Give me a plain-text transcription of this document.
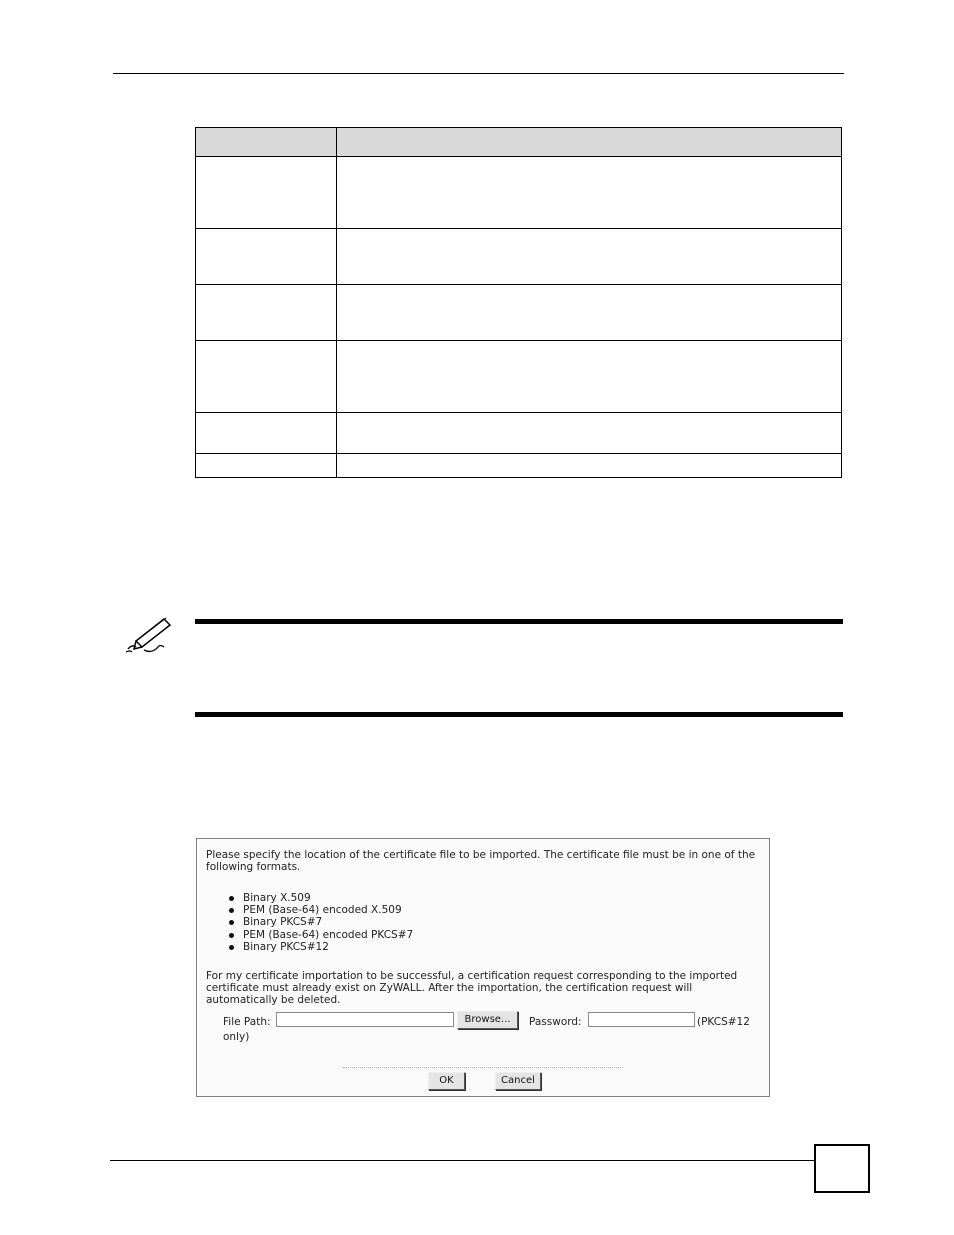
Please specify the location of the certificate file to be imported. The certificate file must be in one of the following formats.

Binary X.509
PEM (Base-64) encoded X.509
Binary PKCS#7
PEM (Base-64) encoded PKCS#7
Binary PKCS#12

For my certificate importation to be successful, a certification request corresponding to the imported certificate must already exist on ZyWALL. After the importation, the certification request will automatically be deleted.

File Path:	Browse...	Password:	(PKCS#12
only)
OK	Cancel
